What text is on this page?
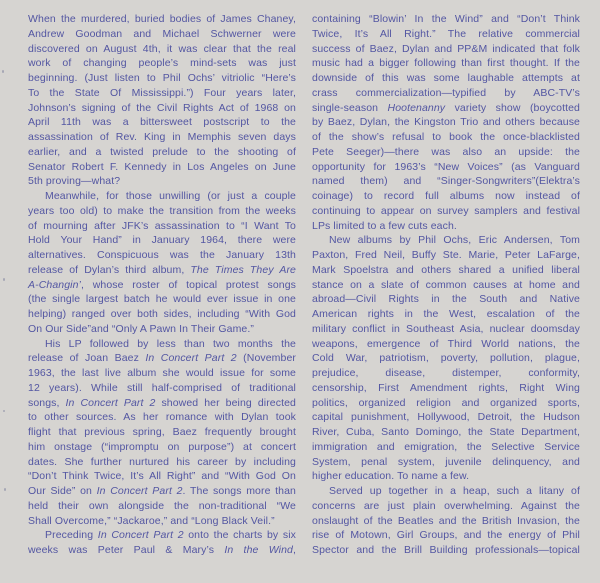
When the murdered, buried bodies of James Chaney,
Andrew Goodman and Michael Schwerner were
discovered on August 4th, it was clear that the real
work of changing people’s mind-sets was just
beginning. (Just listen to Phil Ochs’ vitriolic “Here’s
To the State Of Mississippi.”) Four years later,
Johnson’s signing of the Civil Rights Act of 1968 on
April 11th was a bittersweet postscript to the
assassination of Rev. King in Memphis seven days
earlier, and a twisted prelude to the shooting of
Senator Robert F. Kennedy in Los Angeles on June
5th proving—what?
Meanwhile, for those unwilling (or just a couple
years too old) to make the transition from the weeks
of mourning after JFK’s assassination to “I Want To
Hold Your Hand” in January 1964, there were
alternatives. Conspicuous was the January 13th
release of Dylan’s third album, The Times They Are
A-Changin’, whose roster of topical protest songs
(the single largest batch he would ever issue in one
helping) ranged over both sides, including “With God
On Our Side”and “Only A Pawn In Their Game.”
His LP followed by less than two months the
release of Joan Baez In Concert Part 2 (November
1963, the last live album she would issue for some
12 years). While still half-comprised of traditional
songs, In Concert Part 2 showed her being directed
to other sources. As her romance with Dylan took
flight that previous spring, Baez frequently brought
him onstage (“impromptu on purpose”) at concert
dates. She further nurtured his career by including
“Don’t Think Twice, It’s All Right” and “With God On
Our Side” on In Concert Part 2. The songs more than
held their own alongside the non-traditional “We
Shall Overcome,” “Jackaroe,” and “Long Black Veil.”
Preceding In Concert Part 2 onto the charts by six
weeks was Peter Paul & Mary’s In the Wind,
containing “Blowin’ In the Wind” and “Don’t Think
Twice, It’s All Right.” The relative commercial
success of Baez, Dylan and PP&M indicated that folk
music had a bigger following than first thought. If the
downside of this was some laughable attempts at
crass commercialization—typified by ABC-TV’s
single-season Hootenanny variety show (boycotted
by Baez, Dylan, the Kingston Trio and others because
of the show’s refusal to book the once-blacklisted
Pete Seeger)—there was also an upside: the
opportunity for 1963’s “New Voices” (as Vanguard
named them) and “Singer-Songwriters”(Elektra’s
coinage) to record full albums now instead of
continuing to appear on survey samplers and festival
LPs limited to a few cuts each.
New albums by Phil Ochs, Eric Andersen, Tom
Paxton, Fred Neil, Buffy Ste. Marie, Peter LaFarge,
Mark Spoelstra and others shared a unified liberal
stance on a slate of common causes at home and
abroad—Civil Rights in the South and Native
American rights in the West, escalation of the
military conflict in Southeast Asia, nuclear doomsday
weapons, emergence of Third World nations, the
Cold War, patriotism, poverty, pollution, plague,
prejudice, disease, distemper, conformity,
censorship, First Amendment rights, Right Wing
politics, organized religion and organized sports,
capital punishment, Hollywood, Detroit, the Hudson
River, Cuba, Santo Domingo, the State Department,
immigration and emigration, the Selective Service
System, penal system, juvenile delinquency, and
higher education. To name a few.
Served up together in a heap, such a litany of
concerns are just plain overwhelming. Against the
onslaught of the Beatles and the British Invasion, the
rise of Motown, Girl Groups, and the energy of Phil
Spector and the Brill Building professionals—topical
